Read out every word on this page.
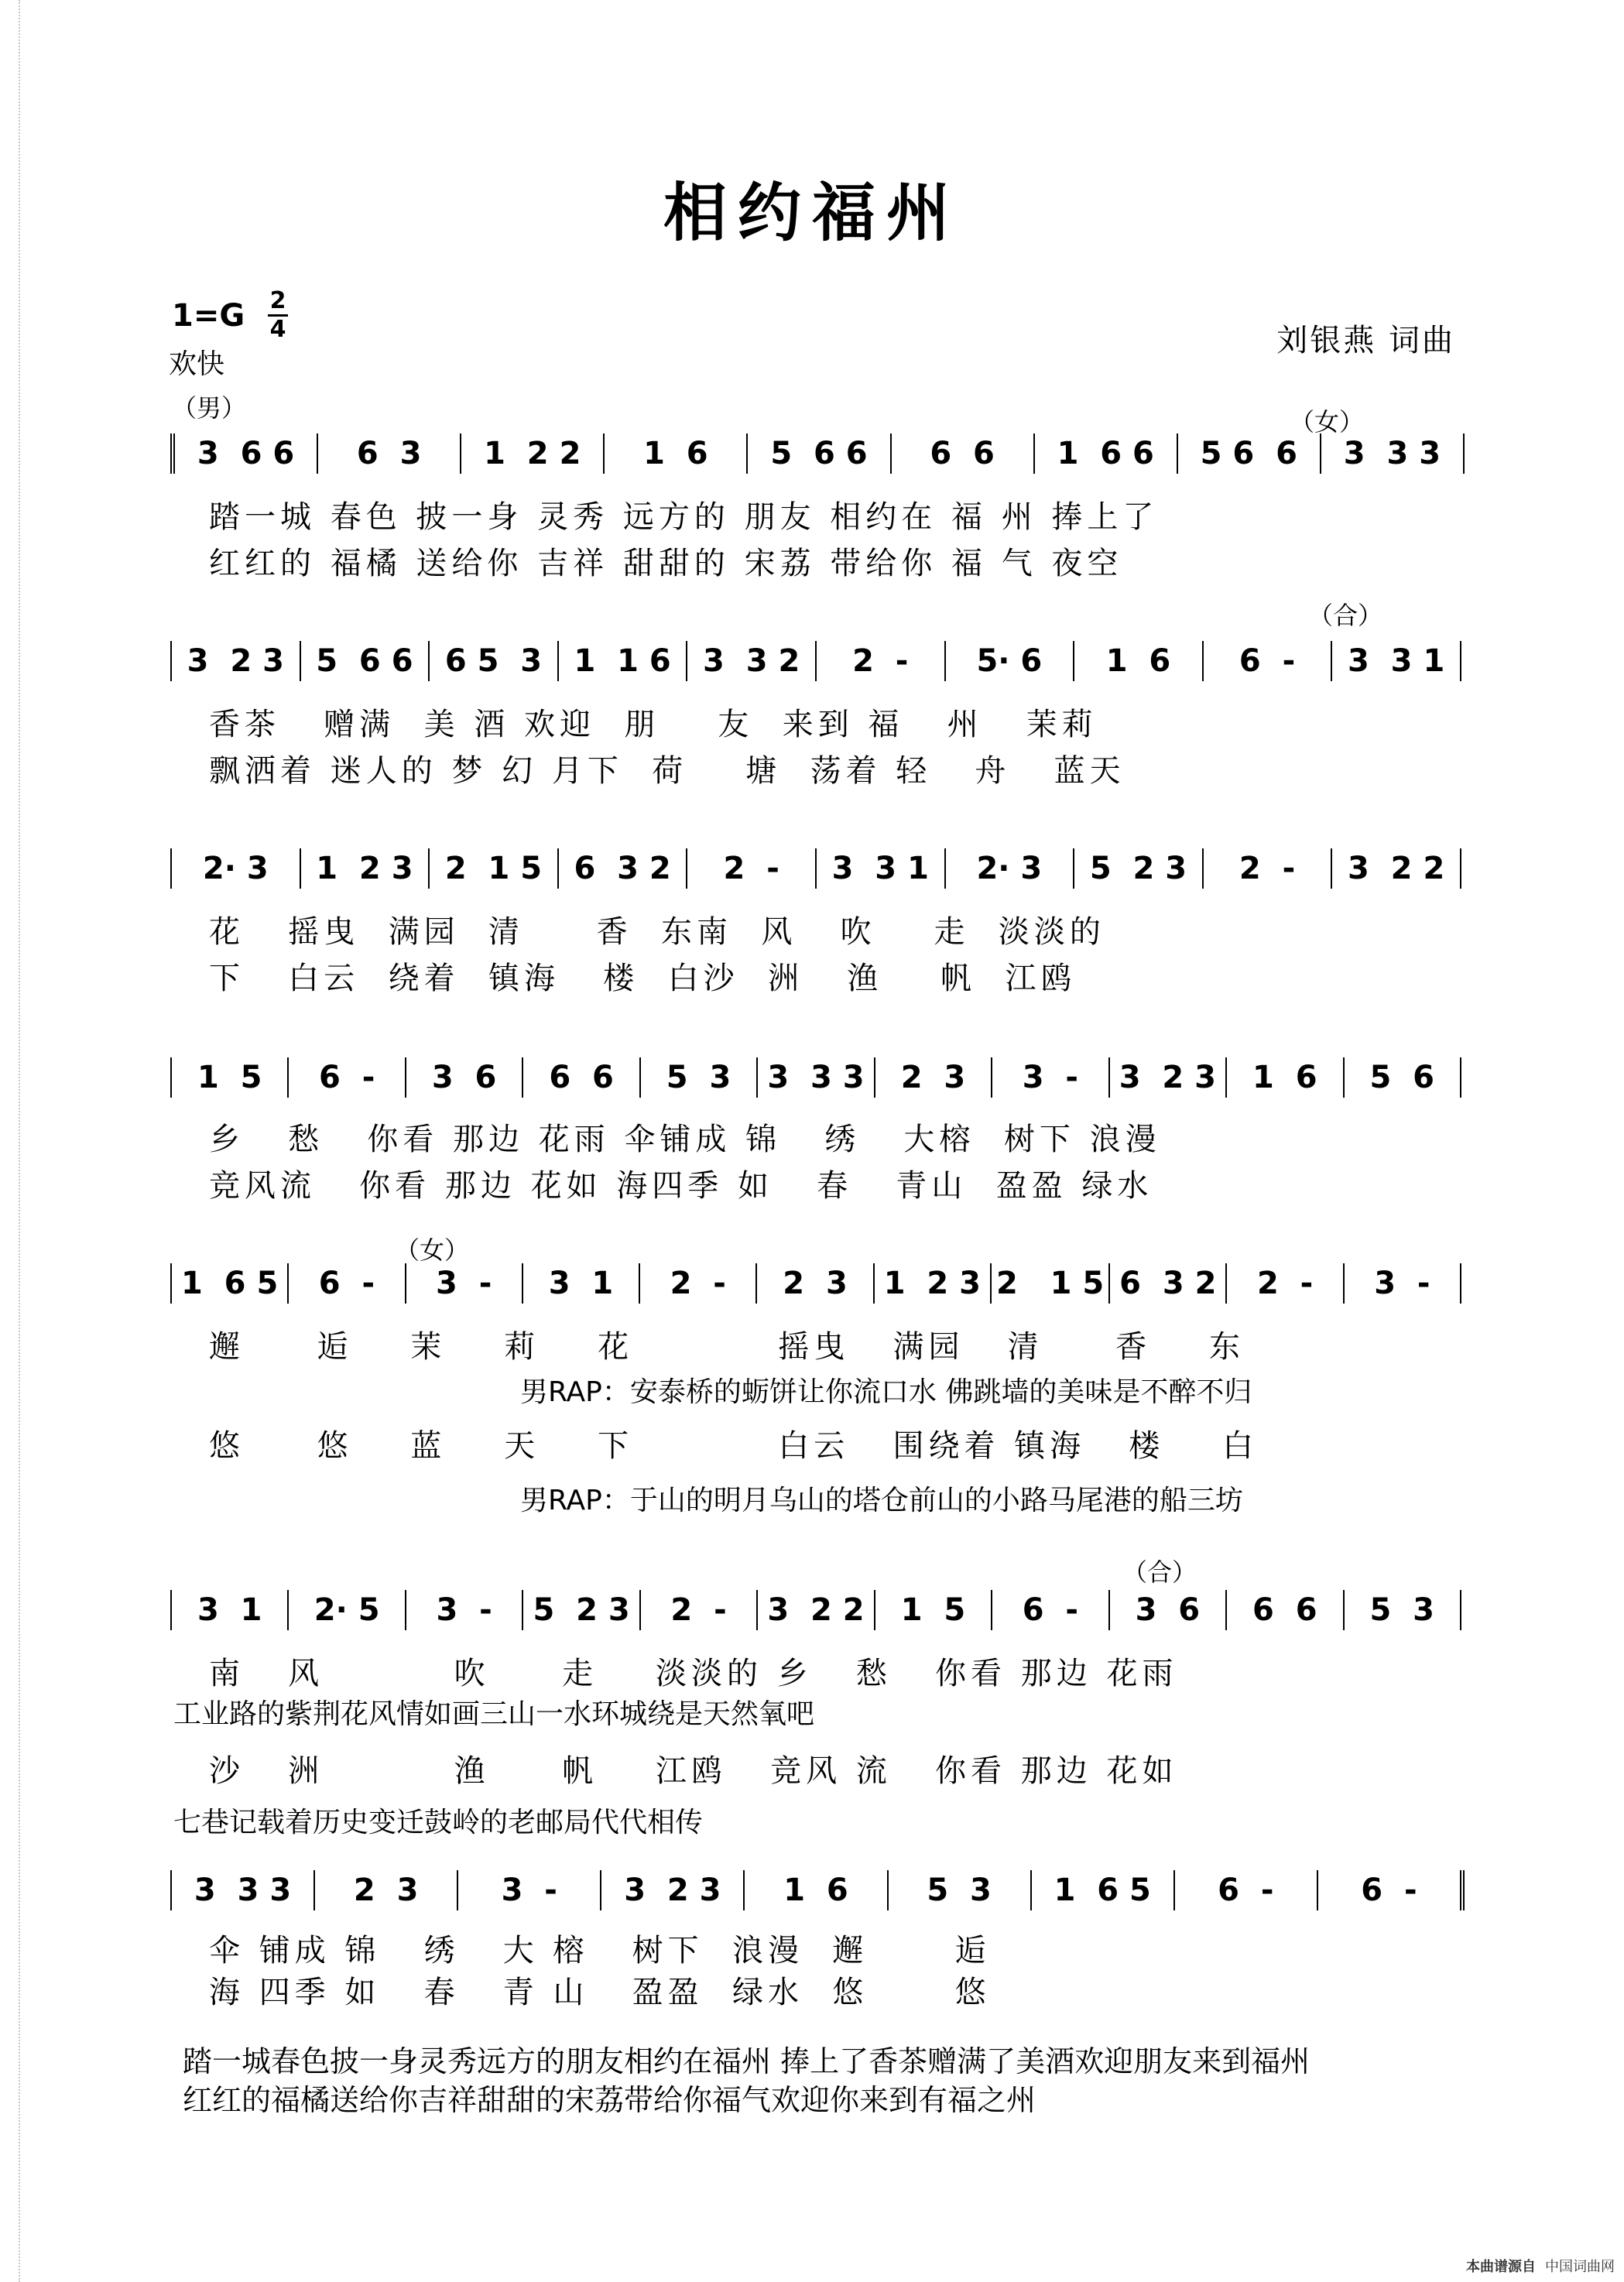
相约福州
1=G 2
4
欢快
刘银燕 词曲
（男）	（女）
（合）
（女）
（合）
3  6 6	6  3	1  2 2	1  6	5  6 6	6  6	1  6 6	5 6  6	3  3 3
踏一城 春色 披一身 灵秀 远方的 朋友 相约在 福 州 捧上了
红红的 福橘 送给你 吉祥 甜甜的 宋荔 带给你 福 气 夜空
3  2 3	5  6 6	6 5  3	1  1 6	3  3 2	2  -	5· 6	1  6	6  -	3  3 1
香茶   赠满  美 酒 欢迎  朋    友  来到 福   州   茉莉
飘洒着 迷人的 梦 幻 月下  荷    塘  荡着 轻   舟   蓝天
2· 3	1  2 3	2  1 5	6  3 2	2  -	3  3 1	2· 3	5  2 3	2  -	3  2 2
花   摇曳  满园  清     香  东南  风   吹    走  淡淡的
下   白云  绕着  镇海   楼  白沙  洲   渔    帆  江鸥
1  5	6  -	3  6	6  6	5  3	3  3 3	2  3	3  -	3  2 3	1  6	5  6
乡   愁   你看 那边 花雨 伞铺成 锦   绣   大榕  树下 浪漫
竞风流   你看 那边 花如 海四季 如   春   青山  盈盈 绿水
1  6 5	6  -	3  -	3  1	2  -	2  3	1  2 3 2   1 5 6  3 2	2  -	3  -
邂     逅    茉    莉    花          摇曳   满园   清     香    东
悠     悠    蓝    天    下          白云   围绕着 镇海   楼    白
3  1	2· 5	3  -	5  2 3	2  -	3  2 2	1  5	6  -	3  6	6  6	5  3
南   风         吹     走    淡淡的 乡   愁   你看 那边 花雨
沙   洲         渔     帆    江鸥   竞风 流   你看 那边 花如
3  3 3	2  3	3  -	3  2 3	1  6	5  3	1  6 5	6  -	6  -
伞 铺成 锦   绣   大 榕   树下  浪漫  邂      逅
海 四季 如   春   青 山   盈盈  绿水  悠      悠
男RAP：安泰桥的蛎饼让你流口水 佛跳墙的美味是不醉不归
男RAP：于山的明月乌山的塔仓前山的小路马尾港的船三坊
工业路的紫荆花风情如画三山一水环城绕是天然氧吧
七巷记载着历史变迁鼓岭的老邮局代代相传
踏一城春色披一身灵秀远方的朋友相约在福州 捧上了香茶赠满了美酒欢迎朋友来到福州
红红的福橘送给你吉祥甜甜的宋荔带给你福气欢迎你来到有福之州
本曲谱源自 中国词曲网
